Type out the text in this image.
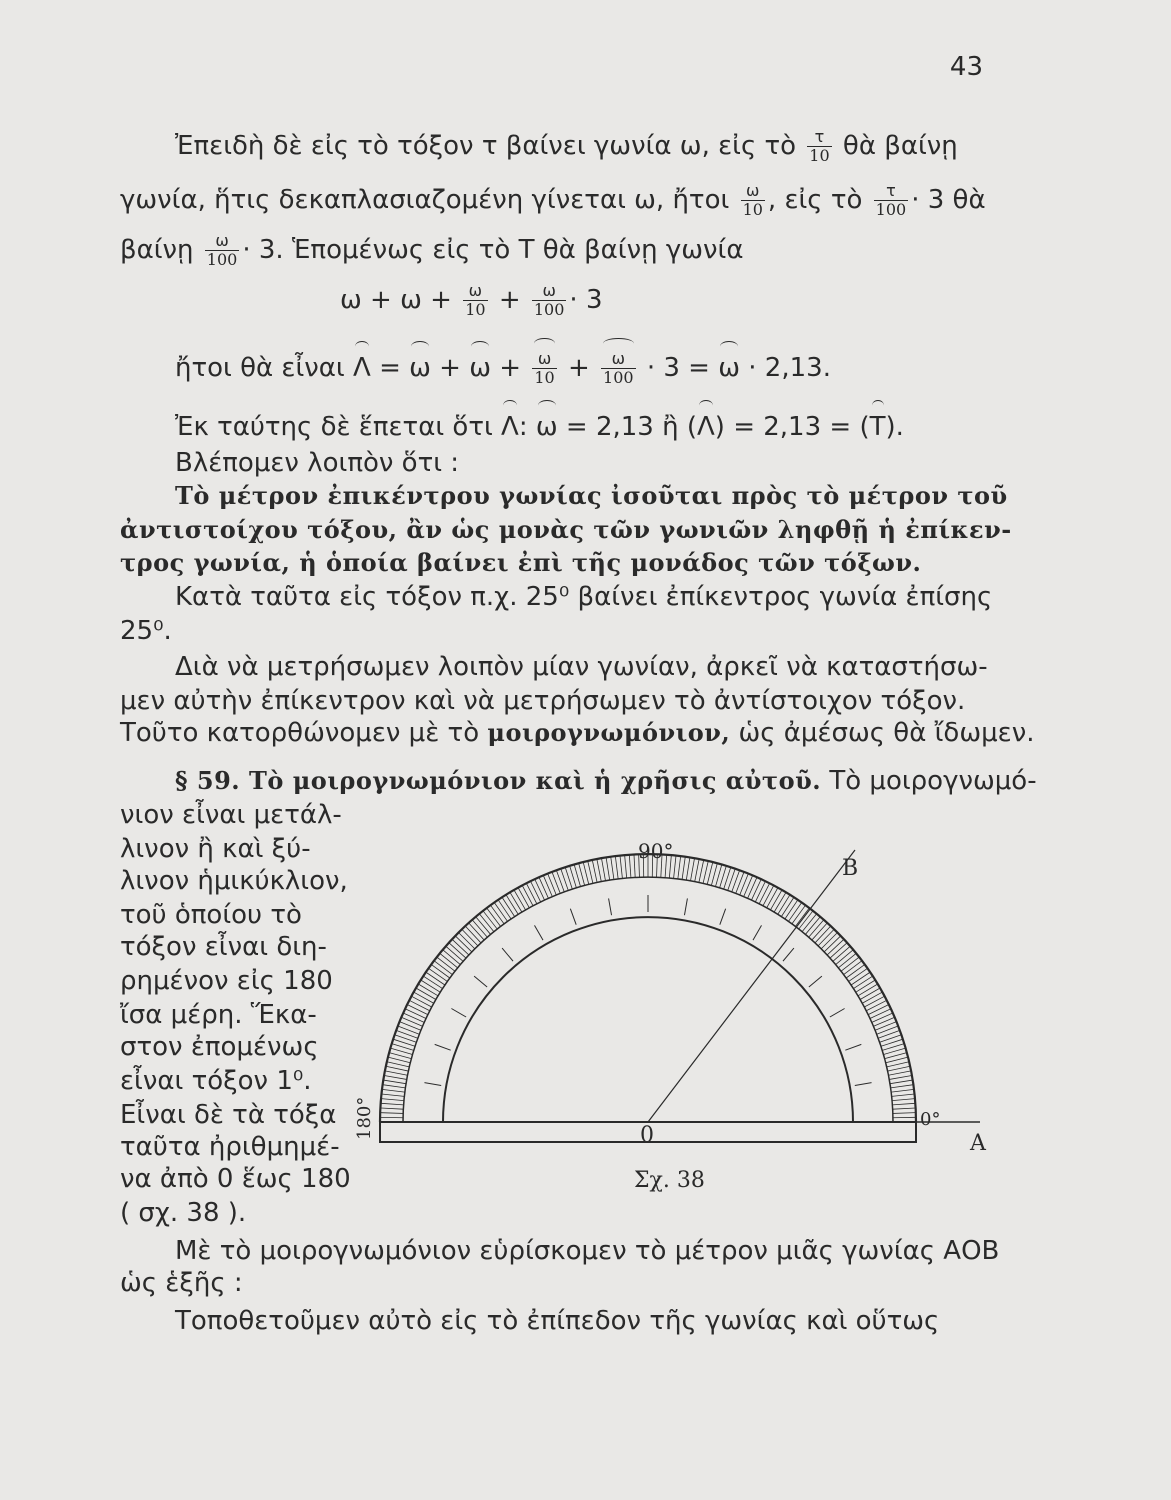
43
Ἐπειδὴ δὲ εἰς τὸ τόξον τ βαίνει γωνία ω, εἰς τὸ $\frac{\tau}{10}$ θὰ βαίνῃ
γωνία, ἥτις δεκαπλασιαζομένη γίνεται ω, ἤτοι $\frac{\omega}{10}$ , εἰς τὸ $\frac{\tau}{100} \cdot 3$ θὰ
βαίνῃ $\frac{\omega}{100} \cdot 3$. Ἑπομένως εἰς τὸ Τ θὰ βαίνῃ γωνία
$\omega + \omega + \frac{\omega}{10} + \frac{\omega}{100} \cdot 3$
ἤτοι θὰ εἶναι $\Lambda = \omega + \omega + \frac{\omega}{10} + \frac{\omega}{100} \cdot 3 = \omega \cdot 2,13$.
Ἐκ ταύτης δὲ ἕπεται ὅτι Λ: ω = 2,13 ἢ (Λ) = 2,13 = (Τ).
Βλέπομεν λοιπὸν ὅτι :
Τὸ μέτρον ἐπικέντρου γωνίας ἰσοῦται πρὸς τὸ μέτρον τοῦ
ἀντιστοίχου τόξου, ἂν ὡς μονὰς τῶν γωνιῶν ληφθῇ ἡ ἐπίκεν-
τρος γωνία, ἡ ὁποία βαίνει ἐπὶ τῆς μονάδος τῶν τόξων.
Κατὰ ταῦτα εἰς τόξον π.χ. 25⁰ βαίνει ἐπίκεντρος γωνία ἐπίσης
25⁰.
Διὰ νὰ μετρήσωμεν λοιπὸν μίαν γωνίαν, ἀρκεῖ νὰ καταστήσω-
μεν αὐτὴν ἐπίκεντρον καὶ νὰ μετρήσωμεν τὸ ἀντίστοιχον τόξον.
Τοῦτο κατορθώνομεν μὲ τὸ μοιρογνωμόνιον, ὡς ἀμέσως θὰ ἴδωμεν.
§ 59. Τὸ μοιρογνωμόνιον καὶ ἡ χρῆσις αὐτοῦ. Τὸ μοιρογνωμό-
νιον εἶναι μετάλ-
λινον ἢ καὶ ξύ-
λινον ἡμικύκλιον,
τοῦ ὁποίου τὸ
τόξον εἶναι διη-
ρημένον εἰς 180
ἴσα μέρη. Ἕκα-
στον ἐπομένως
εἶναι τόξον 1⁰.
Εἶναι δὲ τὰ τόξα
ταῦτα ἠριθμημέ-
να ἀπὸ 0 ἕως 180
( σχ. 38 ).
90°
B
180°	0°
0	A
Σχ. 38
Μὲ τὸ μοιρογνωμόνιον εὑρίσκομεν τὸ μέτρον μιᾶς γωνίας ΑΟΒ
ὡς ἑξῆς :
Τοποθετοῦμεν αὐτὸ εἰς τὸ ἐπίπεδον τῆς γωνίας καὶ οὕτως
